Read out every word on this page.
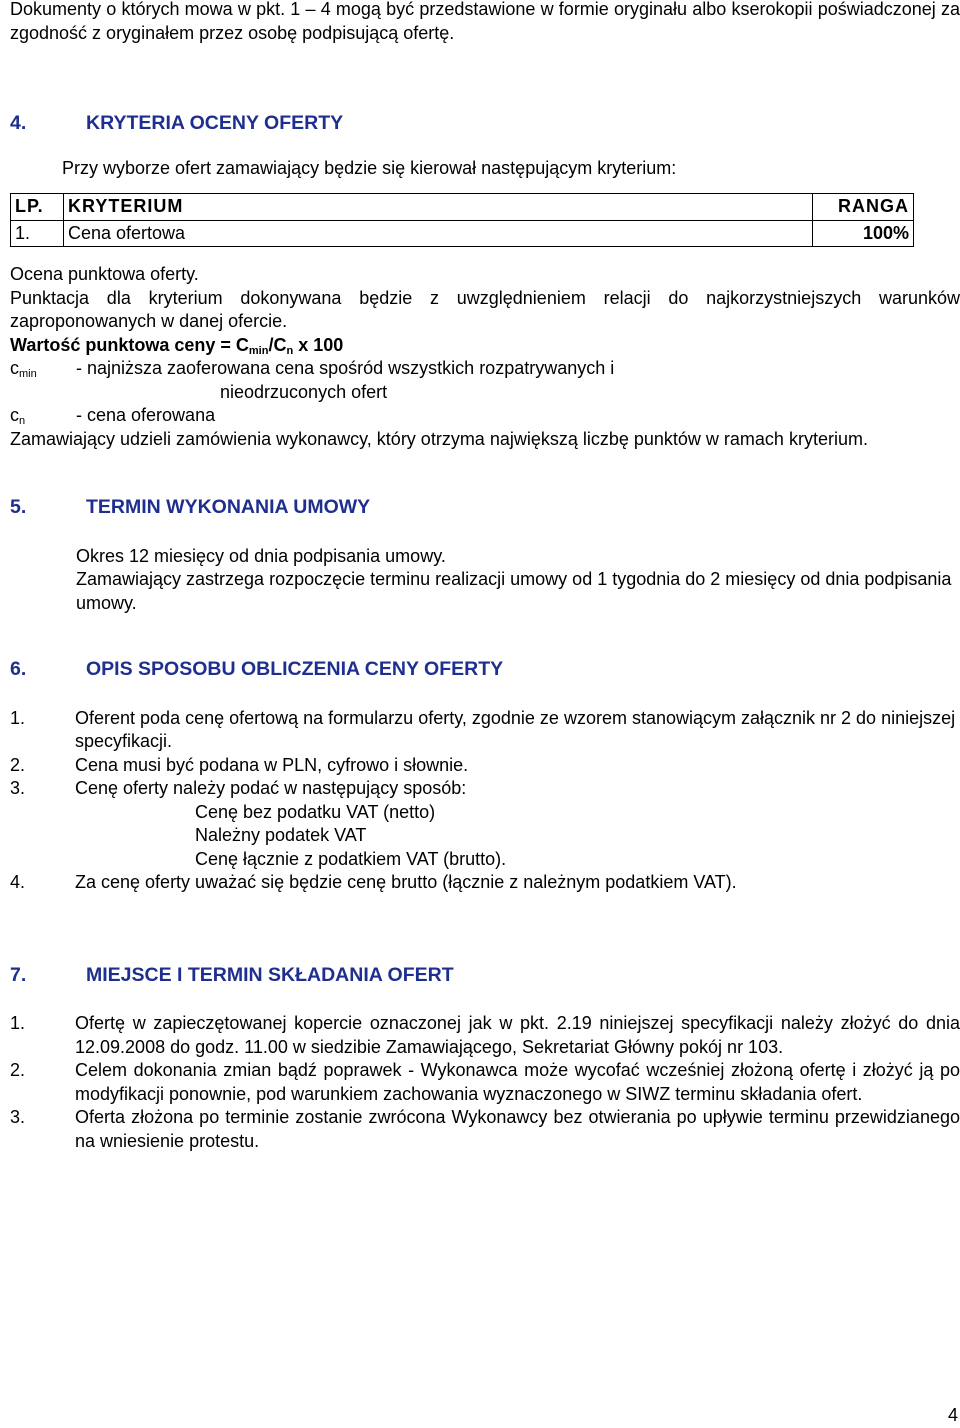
Dokumenty o których mowa w pkt. 1 – 4 mogą być przedstawione w formie oryginału albo kserokopii poświadczonej za zgodność z oryginałem przez osobę podpisującą ofertę.

4.	KRYTERIA OCENY OFERTY

Przy wyborze ofert zamawiający będzie się kierował następującym kryterium:

LP.	KRYTERIUM	RANGA
1.	Cena ofertowa	100%

Ocena punktowa oferty.

Punktacja dla kryterium dokonywana będzie z uwzględnieniem relacji do najkorzystniejszych warunków zaproponowanych w danej ofercie.

Wartość punktowa ceny = $C_{min}/C_n$ x 100

$c_{min}$	- najniższa zaoferowana cena spośród wszystkich rozpatrywanych i

nieodrzuconych ofert

$c_n$	- cena oferowana

Zamawiający udzieli zamówienia wykonawcy, który otrzyma największą liczbę punktów w ramach kryterium.

5.	TERMIN WYKONANIA UMOWY

Okres 12 miesięcy od dnia podpisania umowy.

Zamawiający zastrzega rozpoczęcie terminu realizacji umowy od 1 tygodnia do 2 miesięcy od dnia podpisania umowy.

6.	OPIS SPOSOBU OBLICZENIA CENY OFERTY
1.	Oferent poda cenę ofertową na formularzu oferty, zgodnie ze wzorem stanowiącym załącznik nr 2 do niniejszej specyfikacji.
2.	Cena musi być podana w PLN, cyfrowo i słownie.
3.	Cenę oferty należy podać w następujący sposób:

Cenę bez podatku VAT (netto)

Należny podatek VAT

Cenę łącznie z podatkiem VAT (brutto).

4.	Za cenę oferty uważać się będzie cenę brutto (łącznie z należnym podatkiem VAT).
7.	MIEJSCE I TERMIN SKŁADANIA OFERT
1.	Ofertę w zapieczętowanej kopercie oznaczonej jak w pkt. 2.19 niniejszej specyfikacji należy złożyć do dnia 12.09.2008 do godz. 11.00 w siedzibie Zamawiającego, Sekretariat Główny pokój nr 103.
2.	Celem dokonania zmian bądź poprawek - Wykonawca może wycofać wcześniej złożoną ofertę i złożyć ją po modyfikacji ponownie, pod warunkiem zachowania wyznaczonego w SIWZ terminu składania ofert.
3.	Oferta złożona po terminie zostanie zwrócona Wykonawcy bez otwierania po upływie terminu przewidzianego na wniesienie protestu.
4
